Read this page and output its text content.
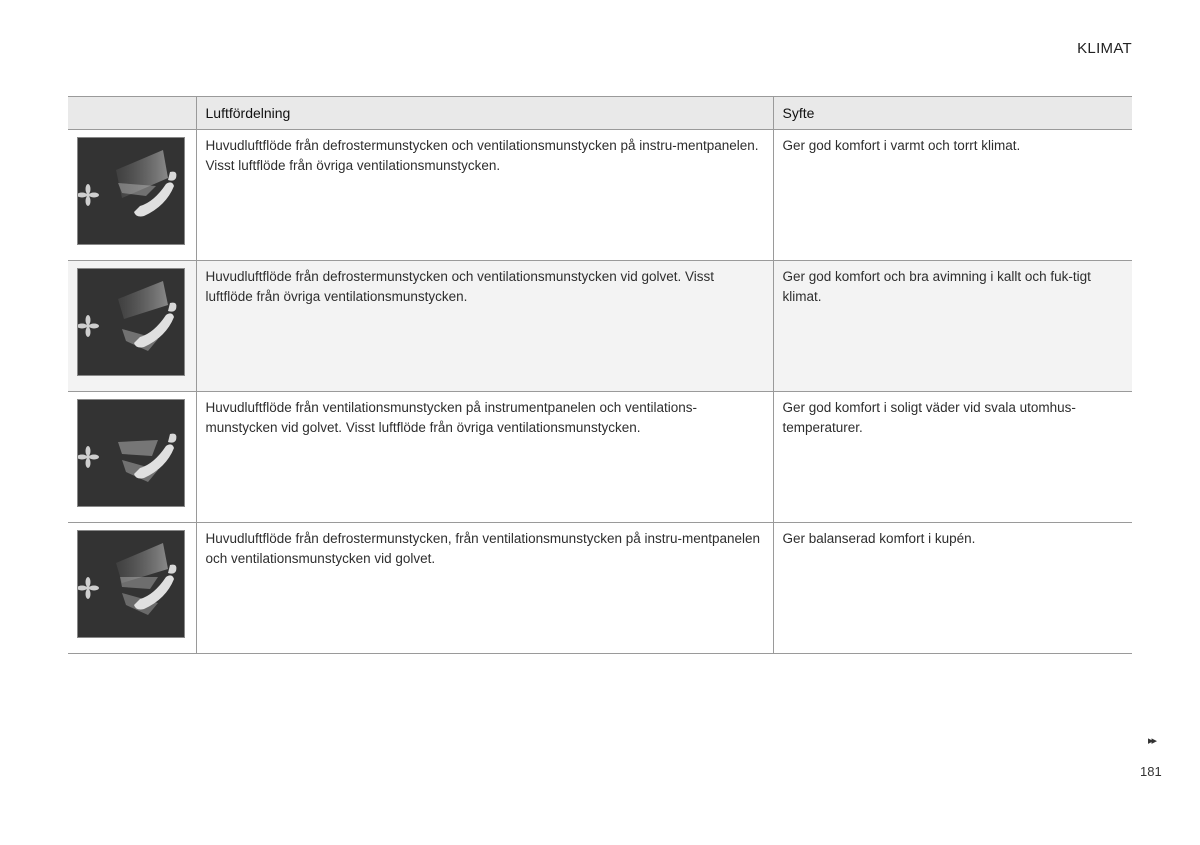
KLIMAT
	Luftfördelning	Syfte

	Huvudluftflöde från defrostermunstycken och ventilationsmunstycken på instru-mentpanelen. Visst luftflöde från övriga ventilationsmunstycken.	Ger god komfort i varmt och torrt klimat.

	Huvudluftflöde från defrostermunstycken och ventilationsmunstycken vid golvet. Visst luftflöde från övriga ventilationsmunstycken.	Ger god komfort och bra avimning i kallt och fuk-tigt klimat.

	Huvudluftflöde från ventilationsmunstycken på instrumentpanelen och ventilations-munstycken vid golvet. Visst luftflöde från övriga ventilationsmunstycken.	Ger god komfort i soligt väder vid svala utomhus-temperaturer.

	Huvudluftflöde från defrostermunstycken, från ventilationsmunstycken på instru-mentpanelen och ventilationsmunstycken vid golvet.	Ger balanserad komfort i kupén.
▸▸
181
